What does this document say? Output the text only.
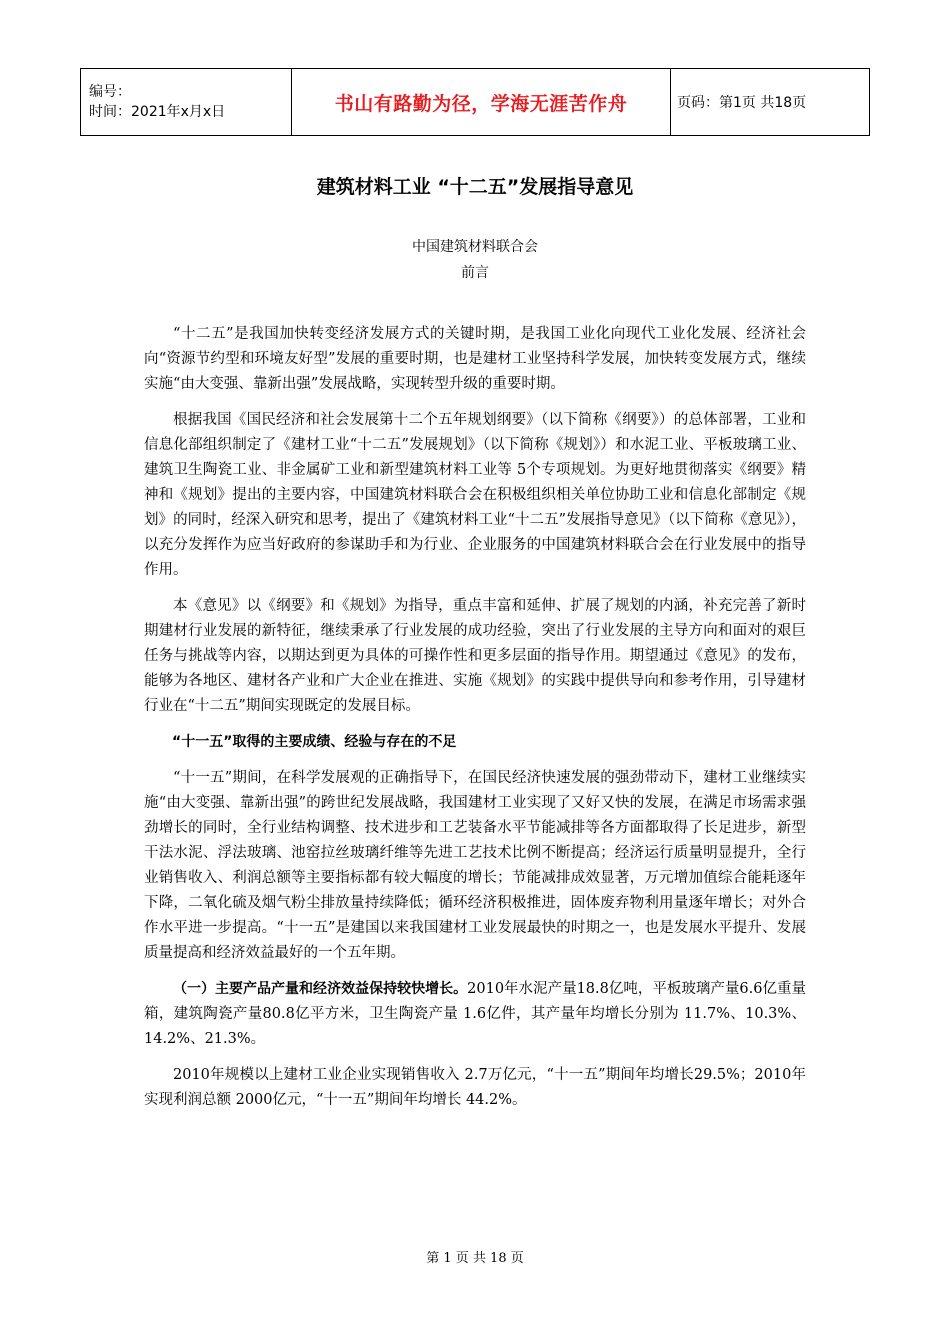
编号：
时间：2021年x月x日	书山有路勤为径，学海无涯苦作舟	页码：第1页 共18页
建筑材料工业 “十二五”发展指导意见
中国建筑材料联合会
前言

“十二五”是我国加快转变经济发展方式的关键时期，是我国工业化向现代工业化发展、经济社会向“资源节约型和环境友好型”发展的重要时期，也是建材工业坚持科学发展，加快转变发展方式，继续实施“由大变强、靠新出强”发展战略，实现转型升级的重要时期。

根据我国《国民经济和社会发展第十二个五年规划纲要》（以下简称《纲要》）的总体部署，工业和信息化部组织制定了《建材工业“十二五”发展规划》（以下简称《规划》）和水泥工业、平板玻璃工业、建筑卫生陶瓷工业、非金属矿工业和新型建筑材料工业等 5个专项规划。为更好地贯彻落实《纲要》精神和《规划》提出的主要内容，中国建筑材料联合会在积极组织相关单位协助工业和信息化部制定《规划》的同时，经深入研究和思考，提出了《建筑材料工业“十二五”发展指导意见》（以下简称《意见》），以充分发挥作为应当好政府的参谋助手和为行业、企业服务的中国建筑材料联合会在行业发展中的指导作用。

本《意见》以《纲要》和《规划》为指导，重点丰富和延伸、扩展了规划的内涵，补充完善了新时期建材行业发展的新特征，继续秉承了行业发展的成功经验，突出了行业发展的主导方向和面对的艰巨任务与挑战等内容，以期达到更为具体的可操作性和更多层面的指导作用。期望通过《意见》的发布，能够为各地区、建材各产业和广大企业在推进、实施《规划》的实践中提供导向和参考作用，引导建材行业在“十二五”期间实现既定的发展目标。

“十一五”取得的主要成绩、经验与存在的不足

“十一五”期间，在科学发展观的正确指导下，在国民经济快速发展的强劲带动下，建材工业继续实施“由大变强、靠新出强”的跨世纪发展战略，我国建材工业实现了又好又快的发展，在满足市场需求强劲增长的同时，全行业结构调整、技术进步和工艺装备水平节能减排等各方面都取得了长足进步，新型干法水泥、浮法玻璃、池窑拉丝玻璃纤维等先进工艺技术比例不断提高；经济运行质量明显提升，全行业销售收入、利润总额等主要指标都有较大幅度的增长；节能减排成效显著，万元增加值综合能耗逐年下降，二氧化硫及烟气粉尘排放量持续降低；循环经济积极推进，固体废弃物利用量逐年增长；对外合作水平进一步提高。“十一五”是建国以来我国建材工业发展最快的时期之一，也是发展水平提升、发展质量提高和经济效益最好的一个五年期。

（一）主要产品产量和经济效益保持较快增长。2010年水泥产量18.8亿吨，平板玻璃产量6.6亿重量箱，建筑陶瓷产量80.8亿平方米，卫生陶瓷产量 1.6亿件，其产量年均增长分别为 11.7%、10.3%、 14.2%、21.3%。

2010年规模以上建材工业企业实现销售收入 2.7万亿元，“十一五”期间年均增长29.5%；2010年实现利润总额 2000亿元，“十一五”期间年均增长 44.2%。

第 1 页 共 18 页
